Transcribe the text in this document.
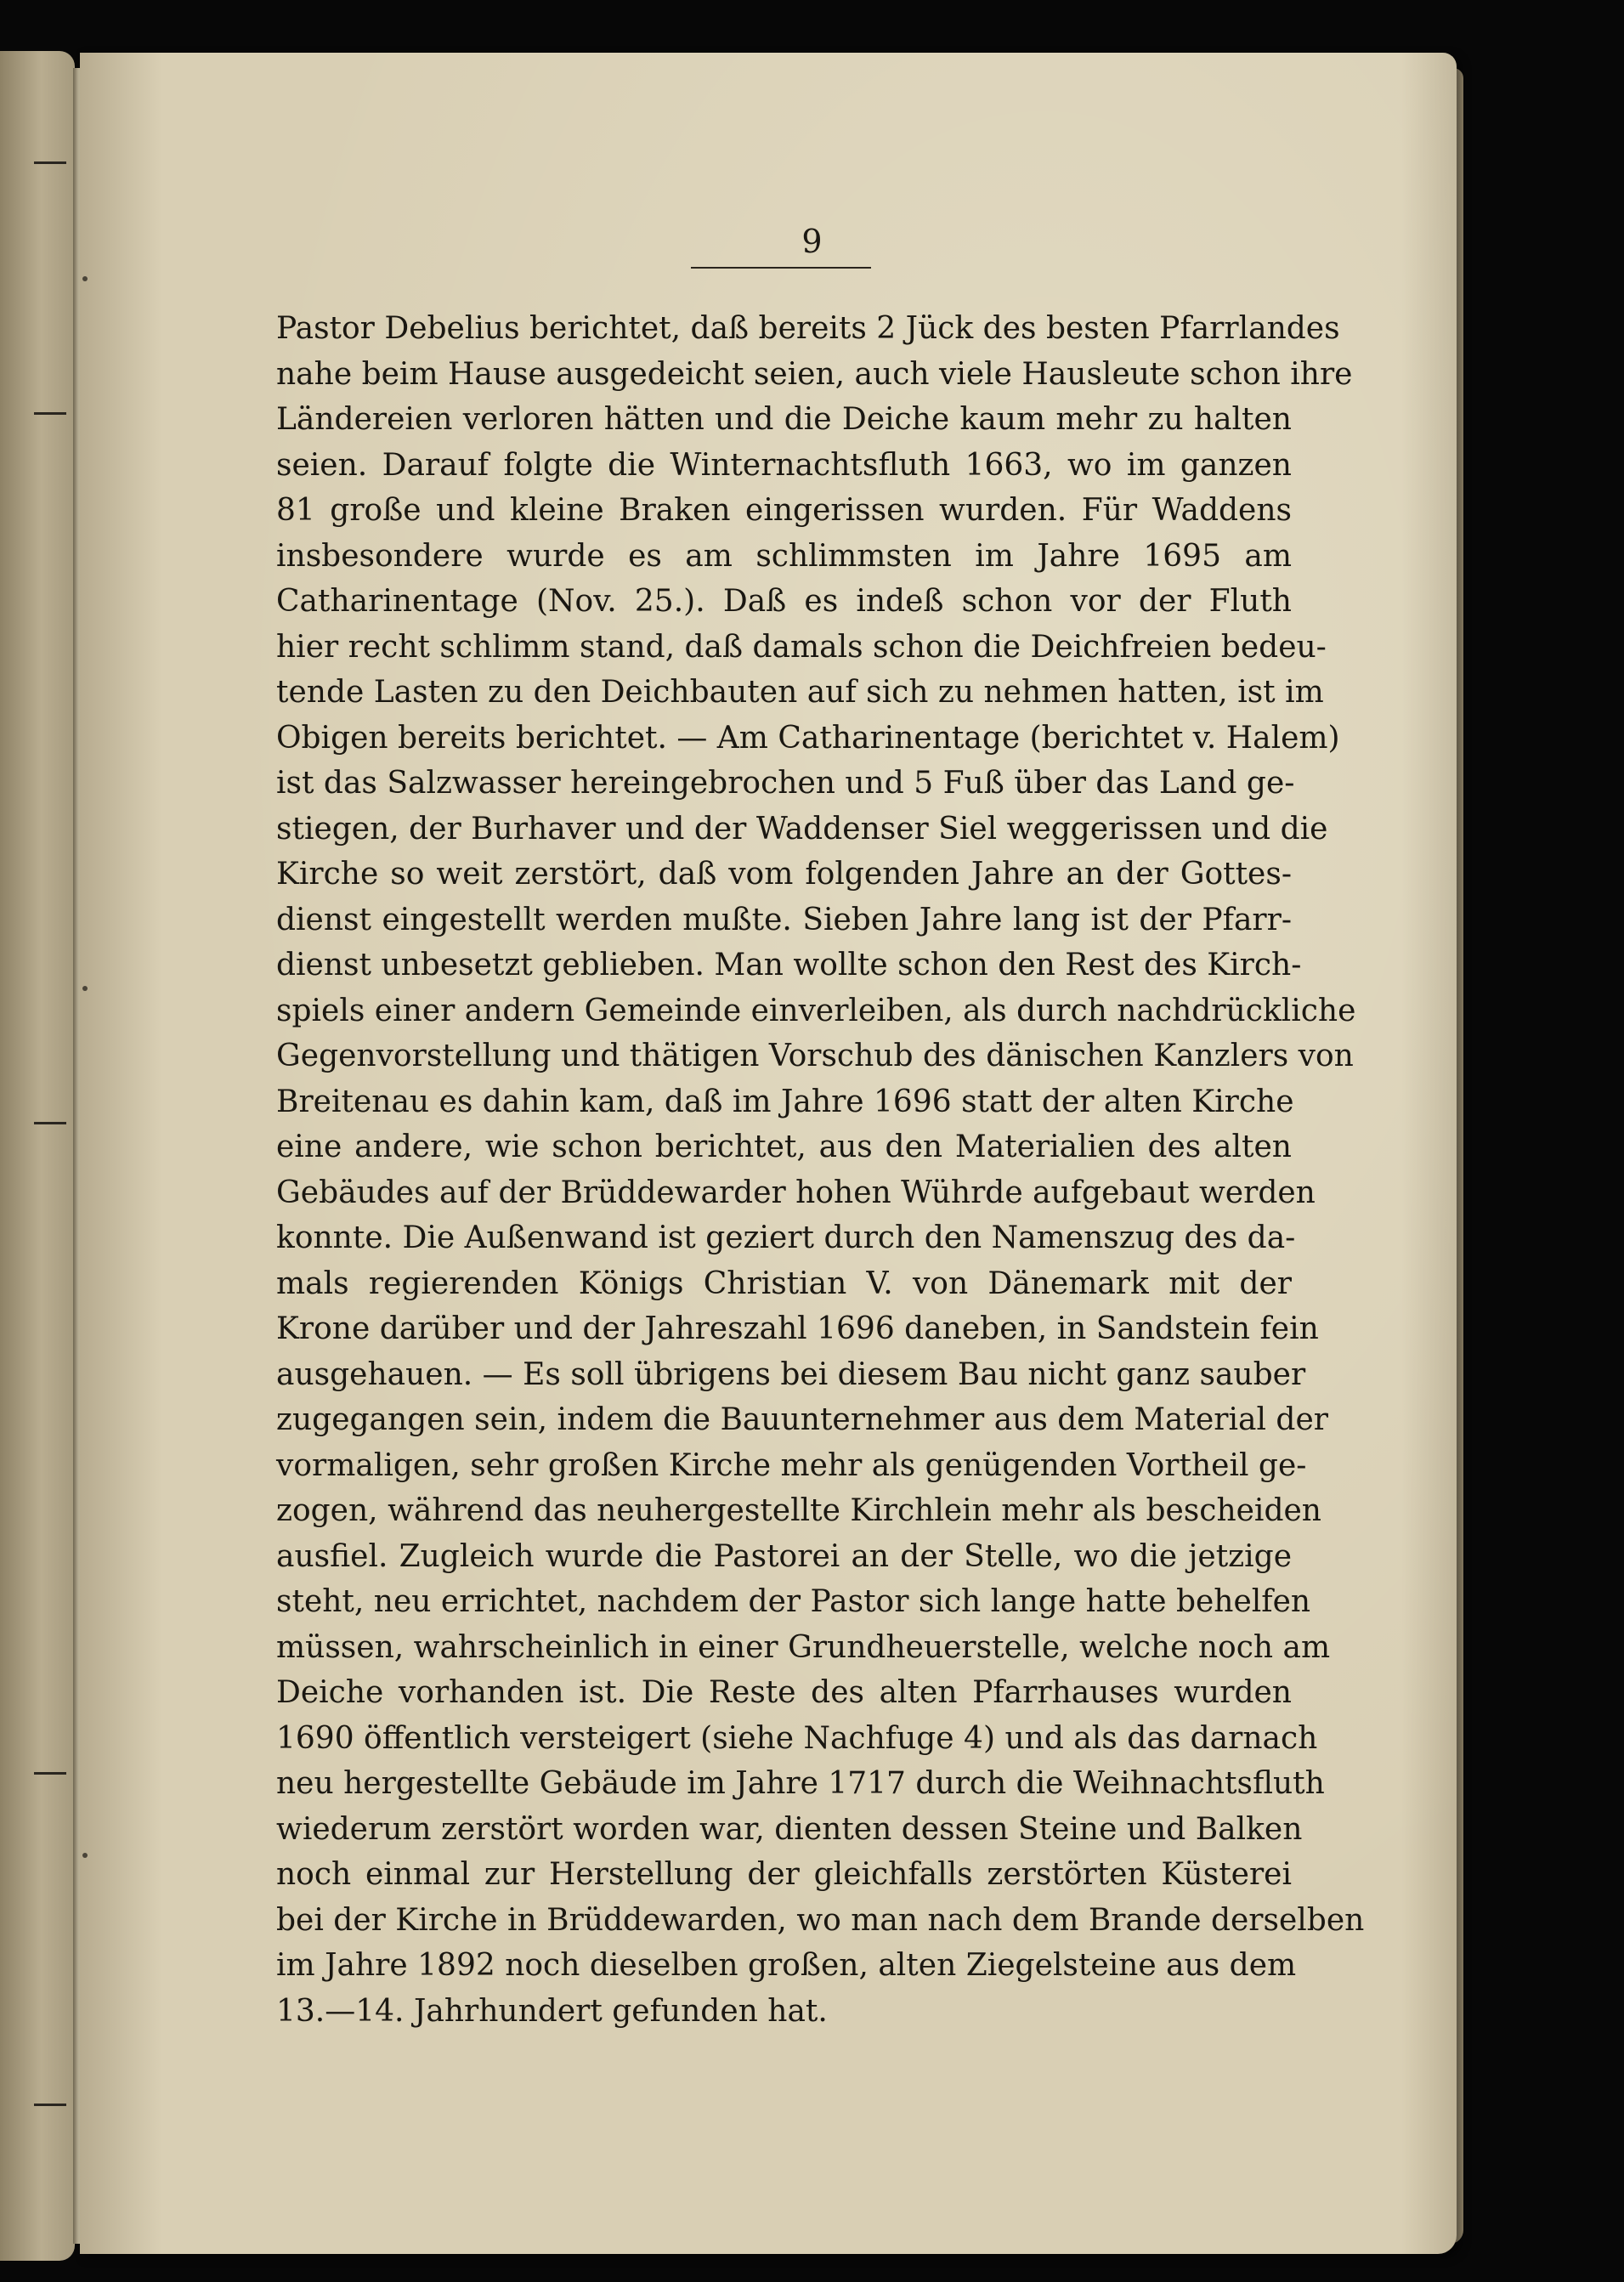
9
Pastor Debelius berichtet, daß bereits 2 Jück des besten Pfarrlandes
nahe beim Hause ausgedeicht seien, auch viele Hausleute schon ihre
Ländereien verloren hätten und die Deiche kaum mehr zu halten
seien. Darauf folgte die Winternachtsfluth 1663, wo im ganzen
81 große und kleine Braken eingerissen wurden. Für Waddens
insbesondere wurde es am schlimmsten im Jahre 1695 am
Catharinentage (Nov. 25.). Daß es indeß schon vor der Fluth
hier recht schlimm stand, daß damals schon die Deichfreien bedeu-
tende Lasten zu den Deichbauten auf sich zu nehmen hatten, ist im
Obigen bereits berichtet. — Am Catharinentage (berichtet v. Halem)
ist das Salzwasser hereingebrochen und 5 Fuß über das Land ge-
stiegen, der Burhaver und der Waddenser Siel weggerissen und die
Kirche so weit zerstört, daß vom folgenden Jahre an der Gottes-
dienst eingestellt werden mußte. Sieben Jahre lang ist der Pfarr-
dienst unbesetzt geblieben. Man wollte schon den Rest des Kirch-
spiels einer andern Gemeinde einverleiben, als durch nachdrückliche
Gegenvorstellung und thätigen Vorschub des dänischen Kanzlers von
Breitenau es dahin kam, daß im Jahre 1696 statt der alten Kirche
eine andere, wie schon berichtet, aus den Materialien des alten
Gebäudes auf der Brüddewarder hohen Wührde aufgebaut werden
konnte. Die Außenwand ist geziert durch den Namenszug des da-
mals regierenden Königs Christian V. von Dänemark mit der
Krone darüber und der Jahreszahl 1696 daneben, in Sandstein fein
ausgehauen. — Es soll übrigens bei diesem Bau nicht ganz sauber
zugegangen sein, indem die Bauunternehmer aus dem Material der
vormaligen, sehr großen Kirche mehr als genügenden Vortheil ge-
zogen, während das neuhergestellte Kirchlein mehr als bescheiden
ausfiel. Zugleich wurde die Pastorei an der Stelle, wo die jetzige
steht, neu errichtet, nachdem der Pastor sich lange hatte behelfen
müssen, wahrscheinlich in einer Grundheuerstelle, welche noch am
Deiche vorhanden ist. Die Reste des alten Pfarrhauses wurden
1690 öffentlich versteigert (siehe Nachfuge 4) und als das darnach
neu hergestellte Gebäude im Jahre 1717 durch die Weihnachtsfluth
wiederum zerstört worden war, dienten dessen Steine und Balken
noch einmal zur Herstellung der gleichfalls zerstörten Küsterei
bei der Kirche in Brüddewarden, wo man nach dem Brande derselben
im Jahre 1892 noch dieselben großen, alten Ziegelsteine aus dem
13.—14. Jahrhundert gefunden hat.
